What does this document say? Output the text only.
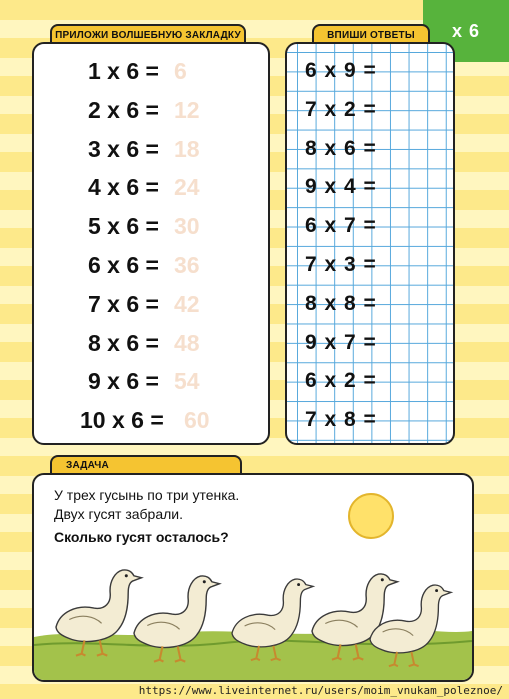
x 6
ПРИЛОЖИ ВОЛШЕБНУЮ ЗАКЛАДКУ
1 x 6 = 6
2 x 6 = 12
3 x 6 = 18
4 x 6 = 24
5 x 6 = 30
6 x 6 = 36
7 x 6 = 42
8 x 6 = 48
9 x 6 = 54
10 x 6 = 60
ВПИШИ ОТВЕТЫ
6 x 9 =
7 x 2 =
8 x 6 =
9 x 4 =
6 x 7 =
7 x 3 =
8 x 8 =
9 x 7 =
6 x 2 =
7 x 8 =
ЗАДАЧА
У трех гусынь по три утенка.
Двух гусят забрали.
Сколько гусят осталось?
https://www.liveinternet.ru/users/moim_vnukam_poleznoe/
